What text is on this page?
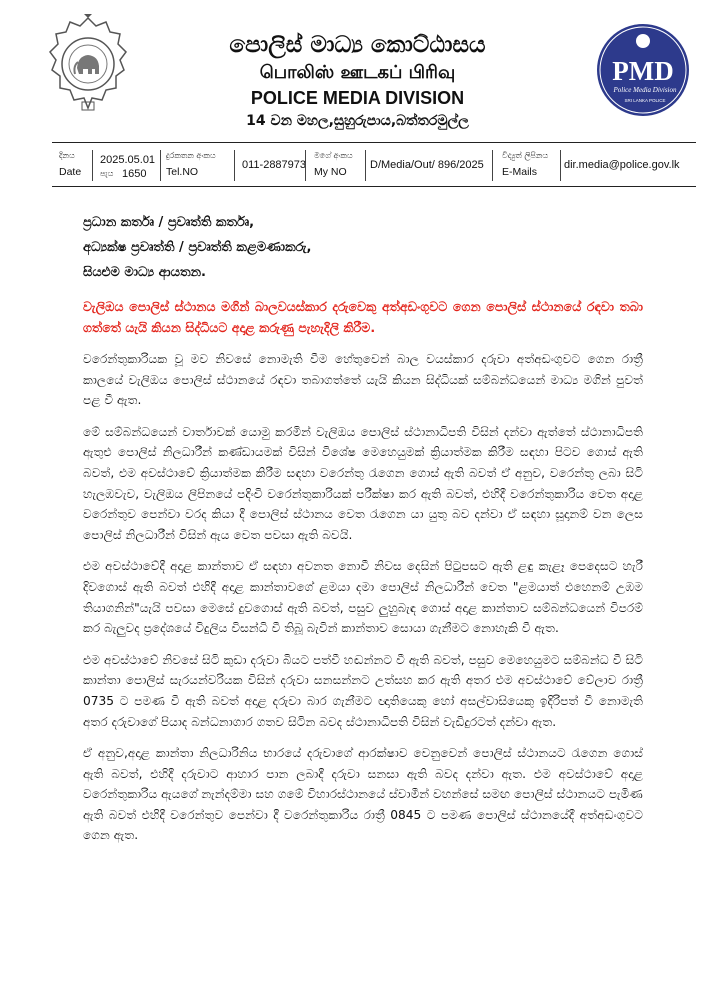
පොලිස් මාධ්‍ය කොට්ඨාසය
பொலிஸ் ஊடகப் பிரிவு
POLICE MEDIA DIVISION
14 වන මහල,සුහුරුපාය,බත්තරමුල්ල
PMD
Police Media Division
SRI LANKA POLICE
දිනය
Date
2025.05.01
පැය 1650
දුරකතන අංකය
Tel.NO
011-2887973
මගේ අංකය
My NO
D/Media/Out/ 896/2025
විද්‍යුත් ලිපිනය
E-Mails
dir.media@police.gov.lk
ප්‍රධාන කර්තෘ / ප්‍රවෘත්ති කර්තෘ,
අධ්‍යක්ෂ ප්‍රවෘත්ති / ප්‍රවෘත්ති කළමණාකරු,
සියළුම මාධ්‍ය ආයතන.
වැලිඔය පොලිස් ස්ථානය මගින් බාලවයස්කාර දරුවෙකු අත්අඩංගුවට ගෙන පොලිස් ස්ථානයේ රඳවා තබා ගත්තේ යැයි කියන සිද්ධියට අදාළ කරුණු පැහැදිලි කිරීම.

වරෙන්තුකාරියක වූ මව නිවසේ නොමැති වීම හේතුවෙන් බාල වයස්කාර දරුවා අත්අඩංගුවට ගෙන රාත්‍රී කාලයේ වැලිඔය පොලිස් ස්ථානයේ රඳවා තබාගත්තේ යැයි කියන සිද්ධියක් සම්බන්ධයෙන් මාධ්‍ය මගින් පුවත් පළ වී ඇත.

මේ සම්බන්ධයෙන් වාර්තාවක් යොමු කරමින් වැලිඔය පොලිස් ස්ථානාධිපති විසින් දන්වා ඇත්තේ ස්ථානාධිපති ඇතුළු පොලිස් නිලධාරීන් කණ්ඩායමක් විසින් විශේෂ මෙහෙයුමක් ක්‍රියාත්මක කිරීම සඳහා පිටව ගොස් ඇති බවත්, එම අවස්ථාවේ ක්‍රියාත්මක කිරීම සඳහා වරෙන්තු රැගෙන ගොස් ඇති බවත් ඒ අනුව, වරෙන්තු ලබා සිටි හැලඹවැව, වැලිඔය ලිපිනයේ පදිංචි වරෙන්තුකාරියක් පරීක්ෂා කර ඇති බවත්, එහිදී වරෙන්තුකාරිය වෙත අදාළ වරෙන්තුව පෙන්වා වරද කියා දී පොලිස් ස්ථානය වෙත රැගෙන යා යුතු බව දන්වා ඒ සඳහා සූදානම් වන ලෙස පොලිස් නිලධාරීන් විසින් ඇය වෙත පවසා ඇති බවයි.

එම අවස්ථාවේදී අදාළ කාන්තාව ඒ සඳහා අවනත නොවී නිවස දෙසින් පිටුපසට ඇති ළඳු කැළෑ පෙදෙසට හැරී දිවගොස් ඇති බවත් එහිදී අදාළ කාන්තාවගේ ළමයා දමා පොලිස් නිලධාරීන් වෙත "ළමයාත් එහෙනම් උඹම තියාගනින්"යැයි පවසා මෙසේ දුවගොස් ඇති බවත්, පසුව ලුහුබැඳ ගොස් අදාළ කාන්තාව සම්බන්ධයෙන් විපරම් කර බැලුවද ප්‍රදේශයේ විදුලිය විසන්ධි වී තිබූ බැවින් කාන්තාව සොයා ගැනීමට නොහැකි වී ඇත.

එම අවස්ථාවේ නිවසේ සිටි කුඩා දරුවා බියට පත්වී හඬන්නට වී ඇති බවත්, පසුව මෙහෙයුමට සම්බන්ධ වී සිටි කාන්තා පොලිස් සැරයන්වරියක විසින් දරුවා සනසන්නට උත්සහ කර ඇති අතර එම අවස්ථාවේ වේලාව රාත්‍රී 0735 ට පමණ වී ඇති බවත් අදාළ දරුවා බාර ගැනීමට ඥාතියෙකු හෝ අසල්වාසියෙකු ඉදිරිපත් වී නොමැති අතර දරුවාගේ පියාද බන්ධනාගාර ගතව සිටින බවද ස්ථානාධිපති විසින් වැඩිදුරටත් දන්වා ඇත.

ඒ අනුව,අදාළ කාන්තා නිලධාරිනිය භාරයේ දරුවාගේ ආරක්ෂාව වෙනුවෙන් පොලිස් ස්ථානයට රැගෙන ගොස් ඇති බවත්, එහිදී දරුවාට ආහාර පාන ලබාදී දරුවා සනසා ඇති බවද දන්වා ඇත. එම අවස්ථාවේ අදාළ වරෙන්තුකාරිය ඇයගේ නැන්දම්මා සහ ගමේ විහාරස්ථානයේ ස්වාමීන් වහන්සේ සමඟ පොලිස් ස්ථානයට පැමිණ ඇති බවත් එහිදී වරෙන්තුව පෙන්වා දී වරෙන්තුකාරිය රාත්‍රී 0845 ට පමණ පොලිස් ස්ථානයේදී අත්අඩංගුවට ගෙන ඇත.
